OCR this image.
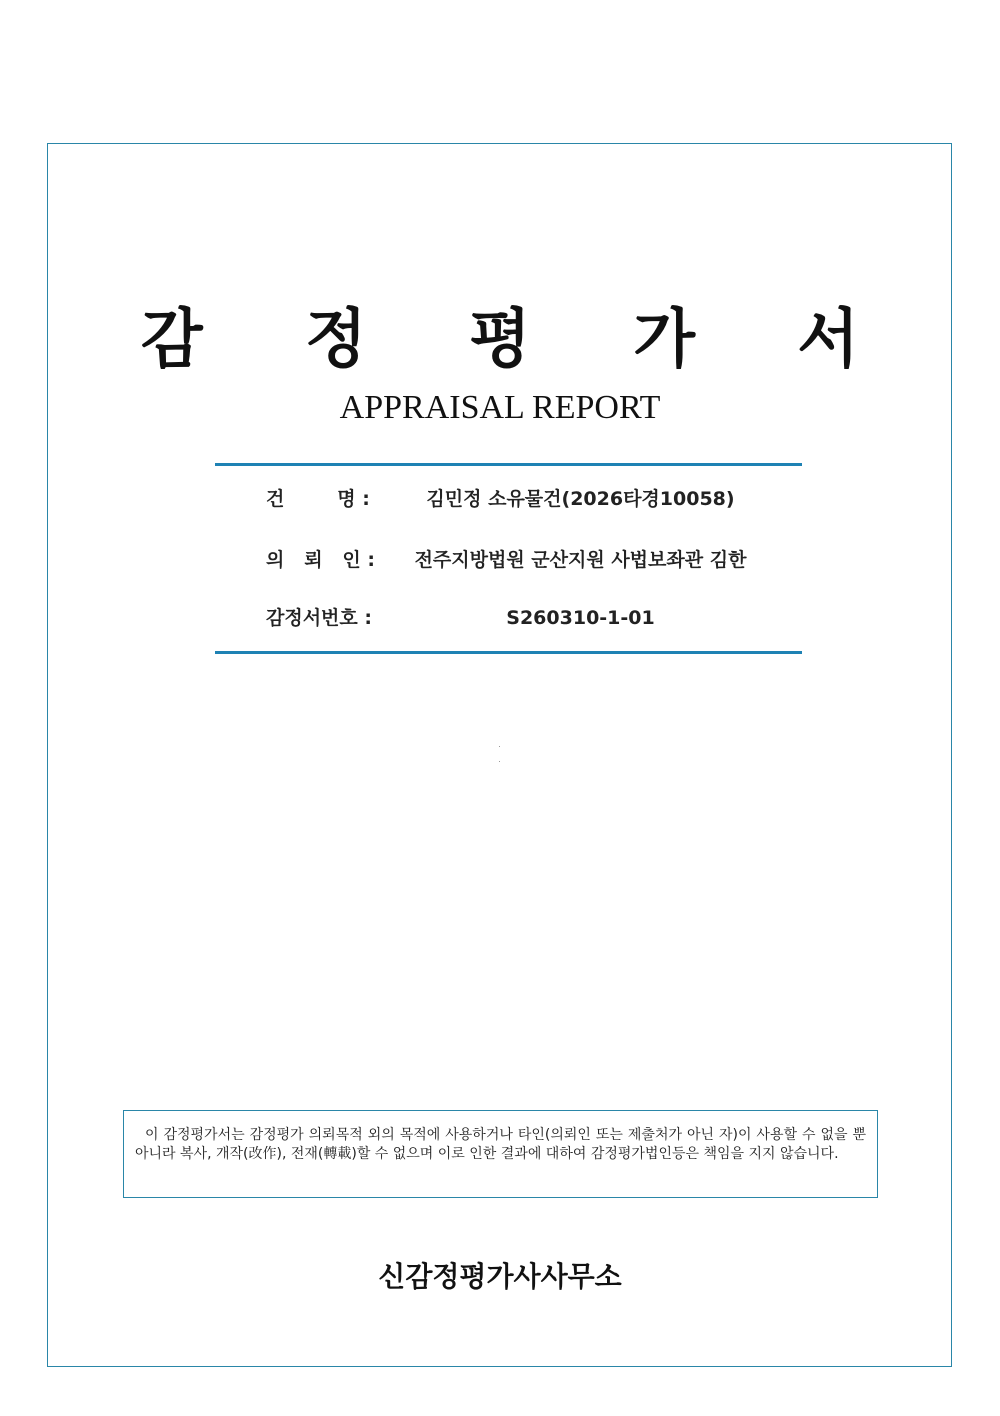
감 정 평 가 서
APPRAISAL REPORT
건        명 :	김민정 소유물건(2026타경10058)
의   뢰   인 :	전주지방법원 군산지원 사법보좌관 김한
감정서번호 :	S260310-1-01

이 감정평가서는 감정평가 의뢰목적 외의 목적에 사용하거나 타인(의뢰인 또는 제출처가 아닌 자)이 사용할 수 없을 뿐 아니라 복사, 개작(改作), 전재(轉載)할 수 없으며 이로 인한 결과에 대하여 감정평가법인등은 책임을 지지 않습니다.

신감정평가사사무소
